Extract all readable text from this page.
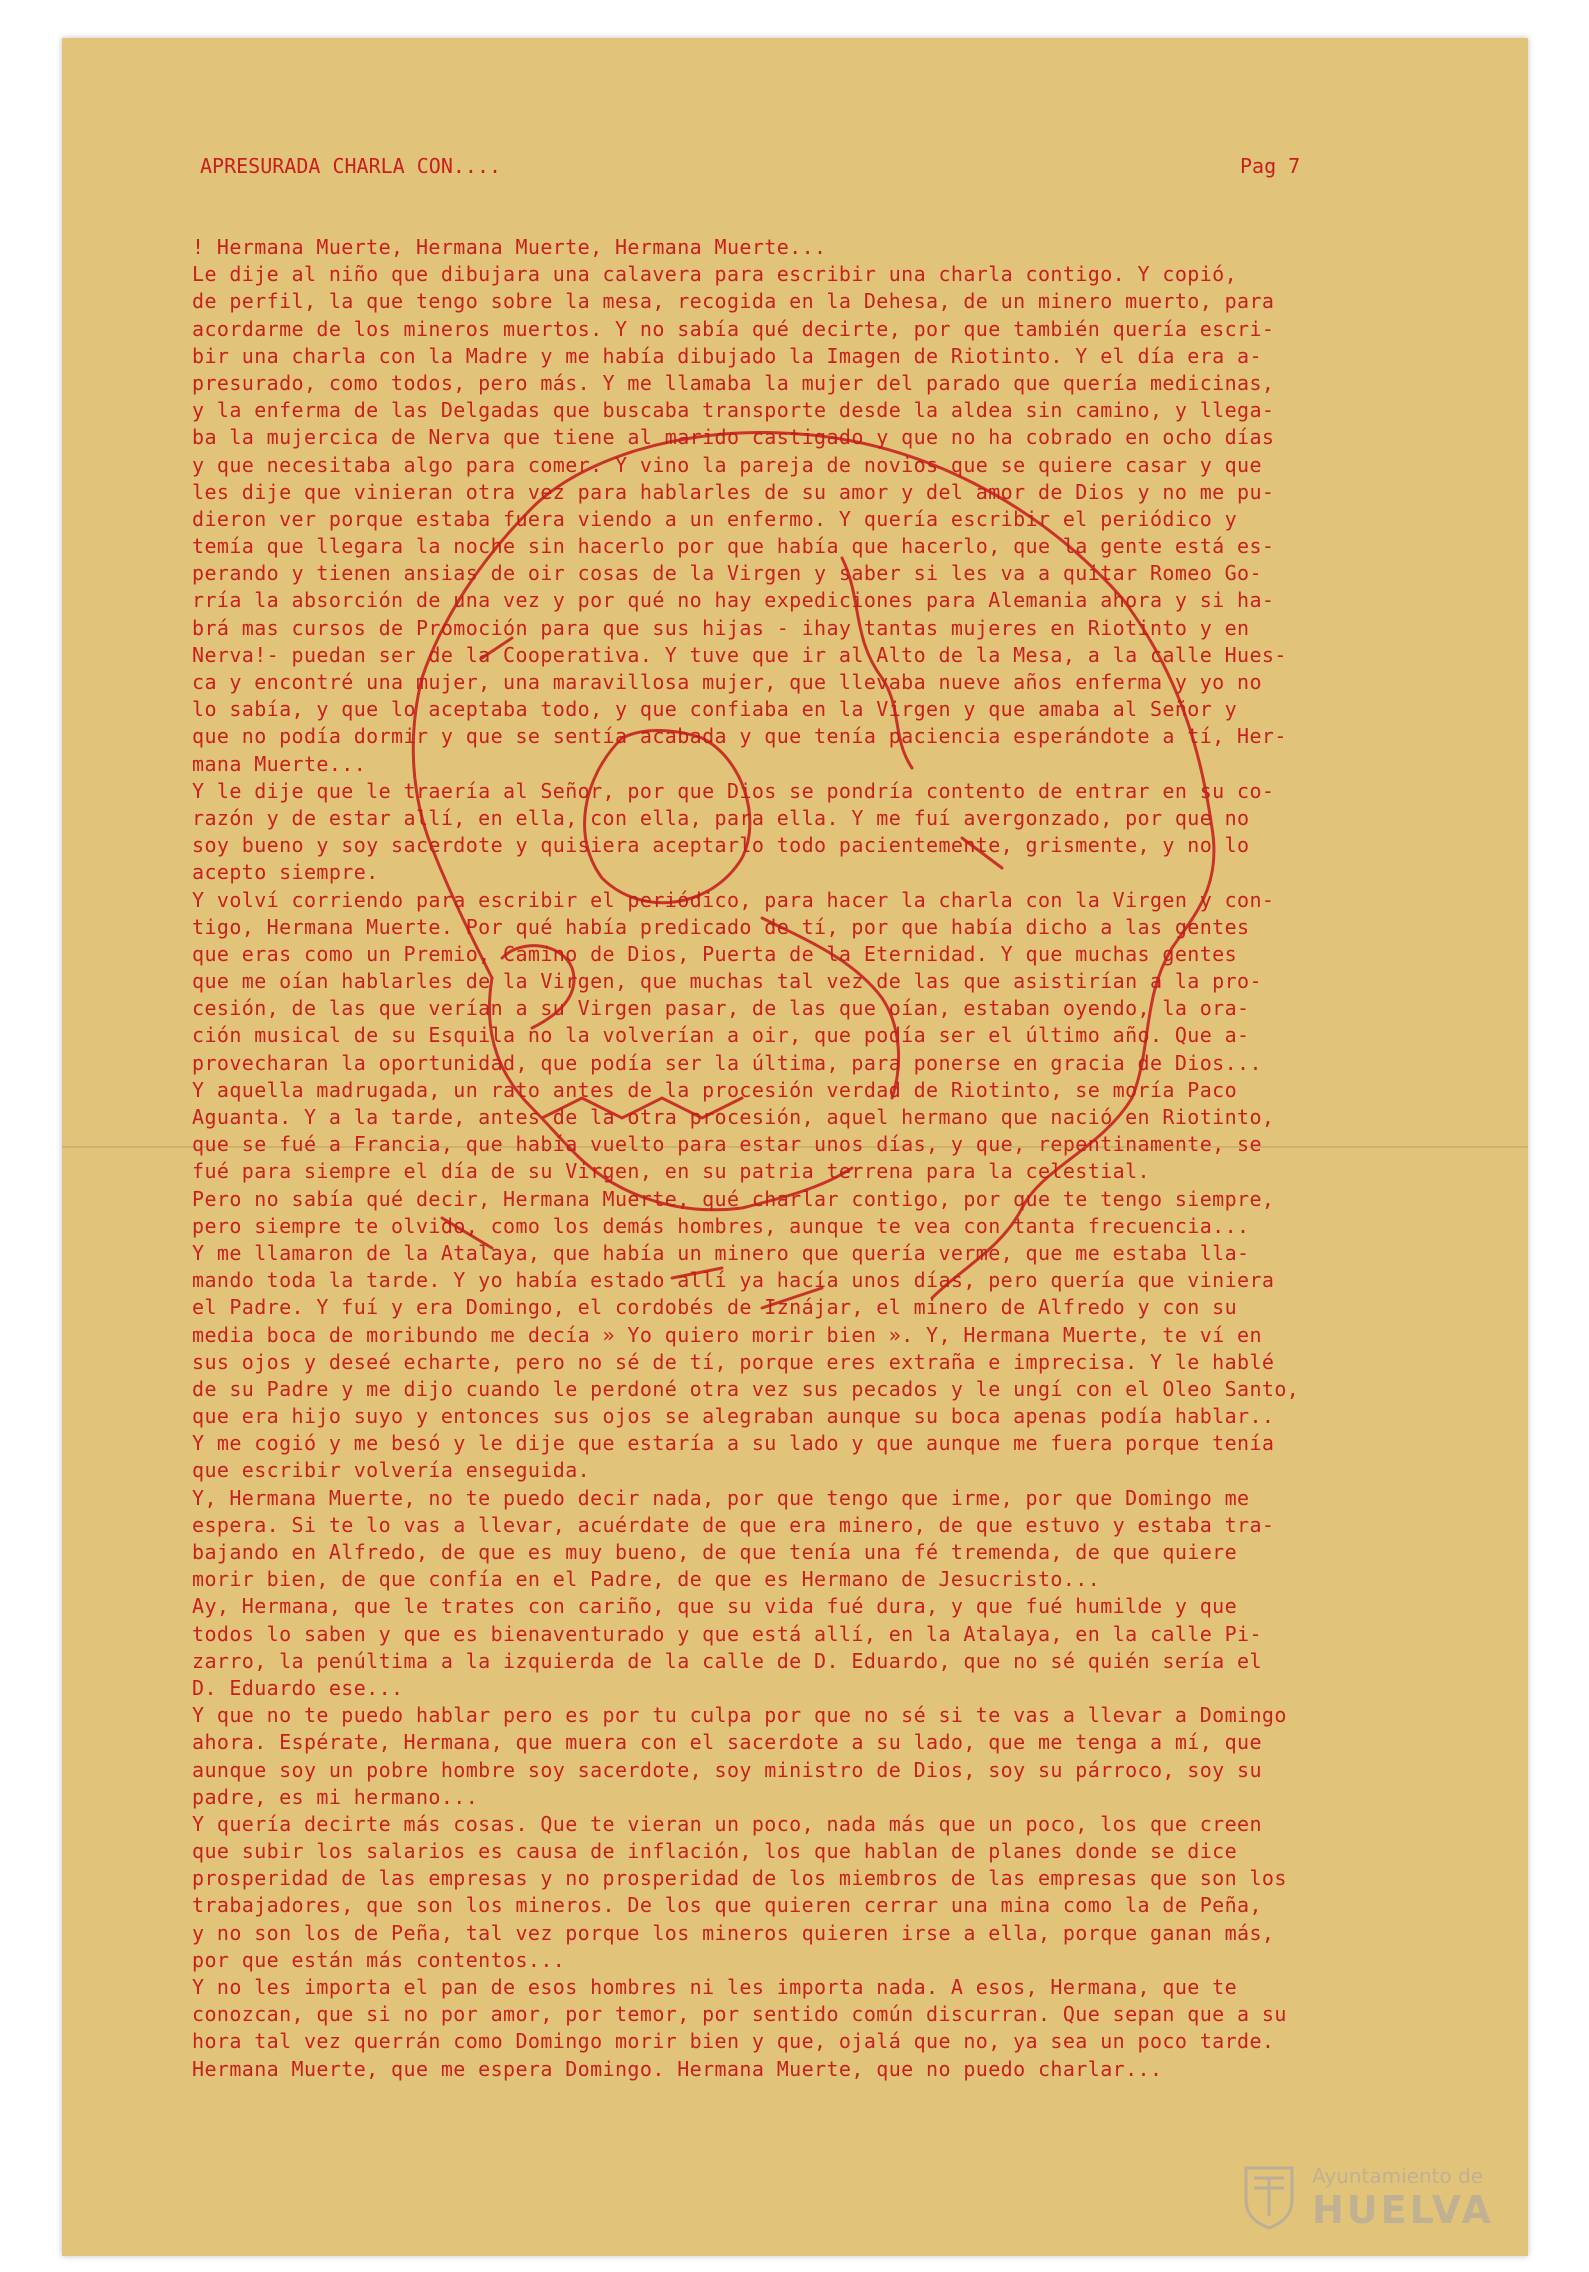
APRESURADA CHARLA CON....	Pag 7
! Hermana Muerte, Hermana Muerte, Hermana Muerte...
Le dije al niño que dibujara una calavera para escribir una charla contigo. Y copió,
de perfil, la que tengo sobre la mesa, recogida en la Dehesa, de un minero muerto, para
acordarme de los mineros muertos. Y no sabía qué decirte, por que también quería escri-
bir una charla con la Madre y me había dibujado la Imagen de Riotinto. Y el día era a-
presurado, como todos, pero más. Y me llamaba la mujer del parado que quería medicinas,
y la enferma de las Delgadas que buscaba transporte desde la aldea sin camino, y llega-
ba la mujercica de Nerva que tiene al marido castigado y que no ha cobrado en ocho días
y que necesitaba algo para comer. Y vino la pareja de novios que se quiere casar y que
les dije que vinieran otra vez para hablarles de su amor y del amor de Dios y no me pu-
dieron ver porque estaba fuera viendo a un enfermo. Y quería escribir el periódico y
temía que llegara la noche sin hacerlo por que había que hacerlo, que la gente está es-
perando y tienen ansias de oir cosas de la Virgen y saber si les va a quitar Romeo Go-
rría la absorción de una vez y por qué no hay expediciones para Alemania ahora y si ha-
brá mas cursos de Promoción para que sus hijas - ihay tantas mujeres en Riotinto y en
Nerva!- puedan ser de la Cooperativa. Y tuve que ir al Alto de la Mesa, a la calle Hues-
ca y encontré una mujer, una maravillosa mujer, que llevaba nueve años enferma y yo no
lo sabía, y que lo aceptaba todo, y que confiaba en la Virgen y que amaba al Señor y
que no podía dormir y que se sentía acabada y que tenía paciencia esperándote a tí, Her-
mana Muerte...
Y le dije que le traería al Señor, por que Dios se pondría contento de entrar en su co-
razón y de estar allí, en ella, con ella, para ella. Y me fuí avergonzado, por que no
soy bueno y soy sacerdote y quisiera aceptarlo todo pacientemente, grismente, y no lo
acepto siempre.
Y volví corriendo para escribir el periódico, para hacer la charla con la Virgen y con-
tigo, Hermana Muerte. Por qué había predicado de tí, por que había dicho a las gentes
que eras como un Premio, Camino de Dios, Puerta de la Eternidad. Y que muchas gentes
que me oían hablarles de la Virgen, que muchas tal vez de las que asistirían a la pro-
cesión, de las que verían a su Virgen pasar, de las que oían, estaban oyendo, la ora-
ción musical de su Esquila no la volverían a oir, que podía ser el último año. Que a-
provecharan la oportunidad, que podía ser la última, para ponerse en gracia de Dios...
Y aquella madrugada, un rato antes de la procesión verdad de Riotinto, se moría Paco
Aguanta. Y a la tarde, antes de la otra procesión, aquel hermano que nació en Riotinto,
que se fué a Francia, que había vuelto para estar unos días, y que, repentinamente, se
fué para siempre el día de su Virgen, en su patria terrena para la celestial.
Pero no sabía qué decir, Hermana Muerte, qué charlar contigo, por que te tengo siempre,
pero siempre te olvido, como los demás hombres, aunque te vea con tanta frecuencia...
Y me llamaron de la Atalaya, que había un minero que quería verme, que me estaba lla-
mando toda la tarde. Y yo había estado allí ya hacía unos días, pero quería que viniera
el Padre. Y fuí y era Domingo, el cordobés de Iznájar, el minero de Alfredo y con su
media boca de moribundo me decía » Yo quiero morir bien ». Y, Hermana Muerte, te ví en
sus ojos y deseé echarte, pero no sé de tí, porque eres extraña e imprecisa. Y le hablé
de su Padre y me dijo cuando le perdoné otra vez sus pecados y le ungí con el Oleo Santo,
que era hijo suyo y entonces sus ojos se alegraban aunque su boca apenas podía hablar..
Y me cogió y me besó y le dije que estaría a su lado y que aunque me fuera porque tenía
que escribir volvería enseguida.
Y, Hermana Muerte, no te puedo decir nada, por que tengo que irme, por que Domingo me
espera. Si te lo vas a llevar, acuérdate de que era minero, de que estuvo y estaba tra-
bajando en Alfredo, de que es muy bueno, de que tenía una fé tremenda, de que quiere
morir bien, de que confía en el Padre, de que es Hermano de Jesucristo...
Ay, Hermana, que le trates con cariño, que su vida fué dura, y que fué humilde y que
todos lo saben y que es bienaventurado y que está allí, en la Atalaya, en la calle Pi-
zarro, la penúltima a la izquierda de la calle de D. Eduardo, que no sé quién sería el
D. Eduardo ese...
Y que no te puedo hablar pero es por tu culpa por que no sé si te vas a llevar a Domingo
ahora. Espérate, Hermana, que muera con el sacerdote a su lado, que me tenga a mí, que
aunque soy un pobre hombre soy sacerdote, soy ministro de Dios, soy su párroco, soy su
padre, es mi hermano...
Y quería decirte más cosas. Que te vieran un poco, nada más que un poco, los que creen
que subir los salarios es causa de inflación, los que hablan de planes donde se dice
prosperidad de las empresas y no prosperidad de los miembros de las empresas que son los
trabajadores, que son los mineros. De los que quieren cerrar una mina como la de Peña,
y no son los de Peña, tal vez porque los mineros quieren irse a ella, porque ganan más,
por que están más contentos...
Y no les importa el pan de esos hombres ni les importa nada. A esos, Hermana, que te
conozcan, que si no por amor, por temor, por sentido común discurran. Que sepan que a su
hora tal vez querrán como Domingo morir bien y que, ojalá que no, ya sea un poco tarde.
Hermana Muerte, que me espera Domingo. Hermana Muerte, que no puedo charlar...
Ayuntamiento de
HUELVA
